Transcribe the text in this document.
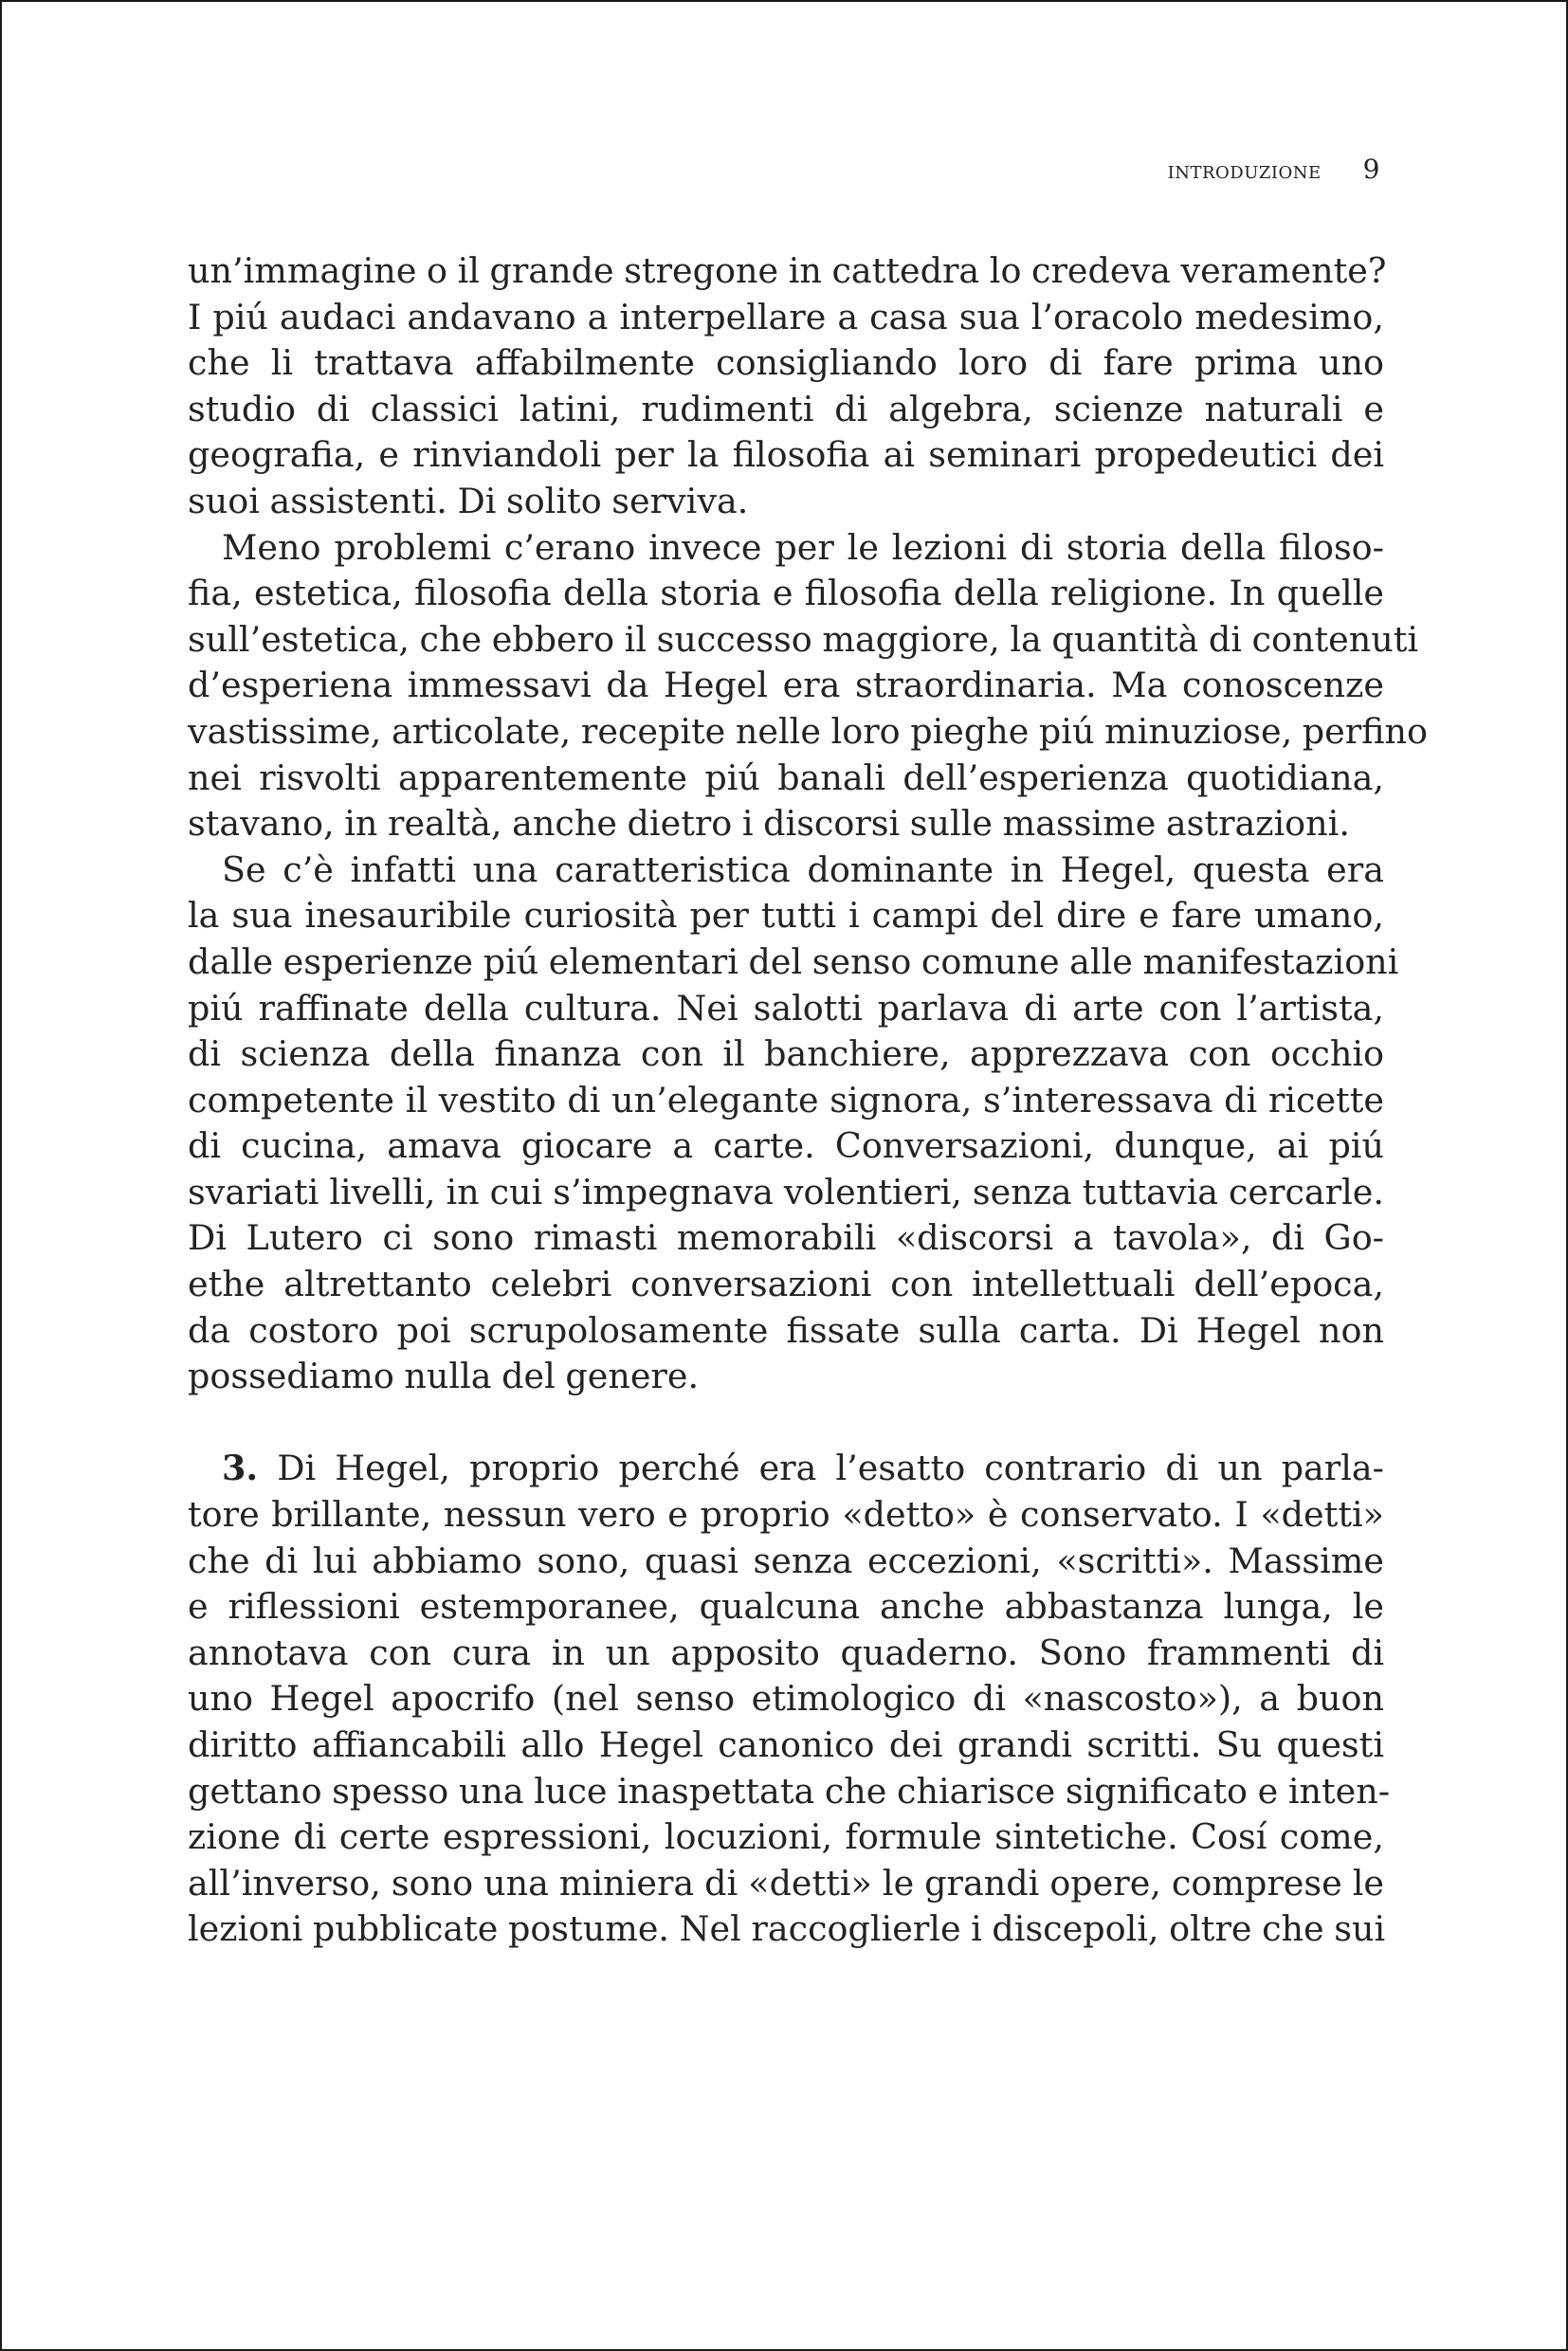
introduzione 9
un’immagine o il grande stregone in cattedra lo credeva veramente?
I piú audaci andavano a interpellare a casa sua l’oracolo medesimo,
che li trattava affabilmente consigliando loro di fare prima uno
studio di classici latini, rudimenti di algebra, scienze naturali e
geografia, e rinviandoli per la filosofia ai seminari propedeutici dei
suoi assistenti. Di solito serviva.
Meno problemi c’erano invece per le lezioni di storia della filoso-
fia, estetica, filosofia della storia e filosofia della religione. In quelle
sull’estetica, che ebbero il successo maggiore, la quantità di contenuti
d’esperiena immessavi da Hegel era straordinaria. Ma conoscenze
vastissime, articolate, recepite nelle loro pieghe piú minuziose, perfino
nei risvolti apparentemente piú banali dell’esperienza quotidiana,
stavano, in realtà, anche dietro i discorsi sulle massime astrazioni.
Se c’è infatti una caratteristica dominante in Hegel, questa era
la sua inesauribile curiosità per tutti i campi del dire e fare umano,
dalle esperienze piú elementari del senso comune alle manifestazioni
piú raffinate della cultura. Nei salotti parlava di arte con l’artista,
di scienza della finanza con il banchiere, apprezzava con occhio
competente il vestito di un’elegante signora, s’interessava di ricette
di cucina, amava giocare a carte. Conversazioni, dunque, ai piú
svariati livelli, in cui s’impegnava volentieri, senza tuttavia cercarle.
Di Lutero ci sono rimasti memorabili «discorsi a tavola», di Go-
ethe altrettanto celebri conversazioni con intellettuali dell’epoca,
da costoro poi scrupolosamente fissate sulla carta. Di Hegel non
possediamo nulla del genere.
3. Di Hegel, proprio perché era l’esatto contrario di un parla-
tore brillante, nessun vero e proprio «detto» è conservato. I «detti»
che di lui abbiamo sono, quasi senza eccezioni, «scritti». Massime
e riflessioni estemporanee, qualcuna anche abbastanza lunga, le
annotava con cura in un apposito quaderno. Sono frammenti di
uno Hegel apocrifo (nel senso etimologico di «nascosto»), a buon
diritto affiancabili allo Hegel canonico dei grandi scritti. Su questi
gettano spesso una luce inaspettata che chiarisce significato e inten-
zione di certe espressioni, locuzioni, formule sintetiche. Cosí come,
all’inverso, sono una miniera di «detti» le grandi opere, comprese le
lezioni pubblicate postume. Nel raccoglierle i discepoli, oltre che sui
